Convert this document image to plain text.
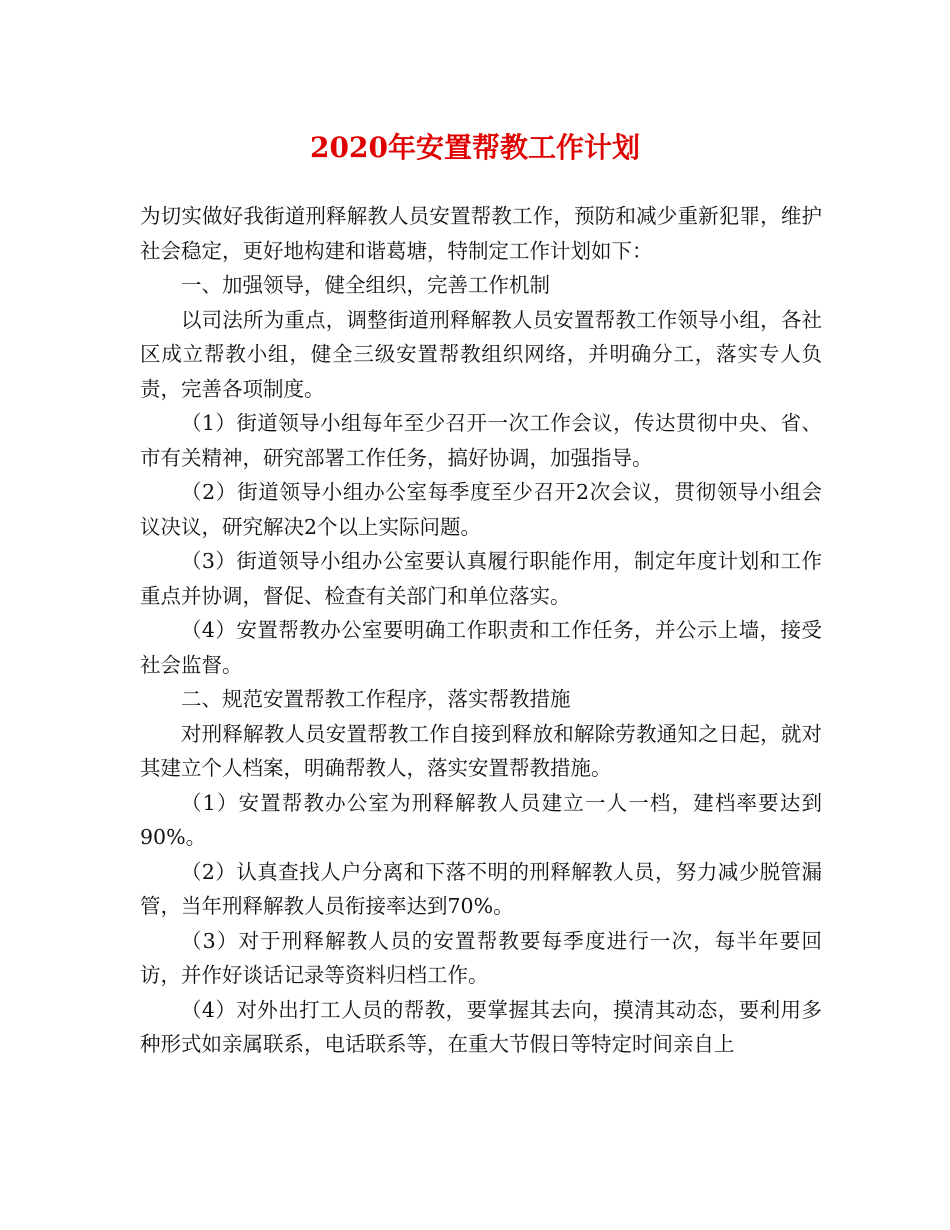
2020年安置帮教工作计划

为切实做好我街道刑释解教人员安置帮教工作，预防和减少重新犯罪，维护社会稳定，更好地构建和谐葛塘，特制定工作计划如下：

一、加强领导，健全组织，完善工作机制

以司法所为重点，调整街道刑释解教人员安置帮教工作领导小组，各社区成立帮教小组，健全三级安置帮教组织网络，并明确分工，落实专人负责，完善各项制度。

（1）街道领导小组每年至少召开一次工作会议，传达贯彻中央、省、市有关精神，研究部署工作任务，搞好协调，加强指导。

（2）街道领导小组办公室每季度至少召开2次会议，贯彻领导小组会议决议，研究解决2个以上实际问题。

（3）街道领导小组办公室要认真履行职能作用，制定年度计划和工作重点并协调，督促、检查有关部门和单位落实。

（4）安置帮教办公室要明确工作职责和工作任务，并公示上墙，接受社会监督。

二、规范安置帮教工作程序，落实帮教措施

对刑释解教人员安置帮教工作自接到释放和解除劳教通知之日起，就对其建立个人档案，明确帮教人，落实安置帮教措施。

（1）安置帮教办公室为刑释解教人员建立一人一档，建档率要达到90%。

（2）认真查找人户分离和下落不明的刑释解教人员，努力减少脱管漏管，当年刑释解教人员衔接率达到70%。

（3）对于刑释解教人员的安置帮教要每季度进行一次，每半年要回访，并作好谈话记录等资料归档工作。

（4）对外出打工人员的帮教，要掌握其去向，摸清其动态，要利用多种形式如亲属联系，电话联系等，在重大节假日等特定时间亲自上
